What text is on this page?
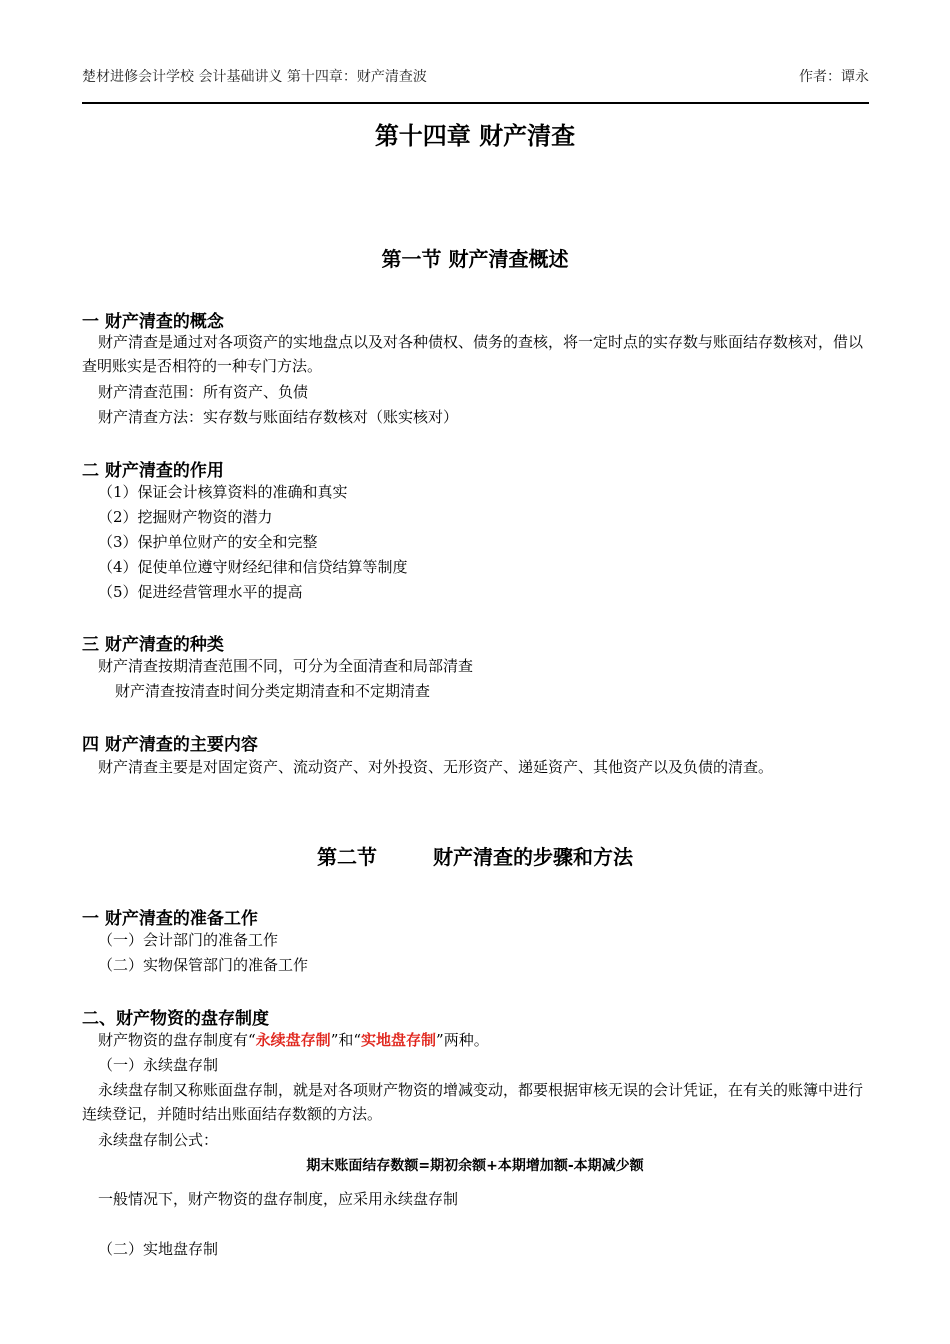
楚材进修会计学校 会计基础讲义 第十四章：财产清查波	作者：谭永
第十四章 财产清查
第一节 财产清查概述
一 财产清查的概念
财产清查是通过对各项资产的实地盘点以及对各种债权、债务的查核，将一定时点的实存数与账面结存数核对，借以查明账实是否相符的一种专门方法。
财产清查范围：所有资产、负债
财产清查方法：实存数与账面结存数核对（账实核对）
二 财产清查的作用
（1）保证会计核算资料的准确和真实
（2）挖掘财产物资的潜力
（3）保护单位财产的安全和完整
（4）促使单位遵守财经纪律和信贷结算等制度
（5）促进经营管理水平的提高
三 财产清查的种类
财产清查按期清查范围不同，可分为全面清查和局部清查
财产清查按清查时间分类定期清查和不定期清查
四 财产清查的主要内容
财产清查主要是对固定资产、流动资产、对外投资、无形资产、递延资产、其他资产以及负债的清查。
第二节	财产清查的步骤和方法
一 财产清查的准备工作
（一）会计部门的准备工作
（二）实物保管部门的准备工作
二、财产物资的盘存制度
财产物资的盘存制度有“永续盘存制”和“实地盘存制”两种。
（一）永续盘存制
永续盘存制又称账面盘存制，就是对各项财产物资的增减变动，都要根据审核无误的会计凭证，在有关的账簿中进行连续登记，并随时结出账面结存数额的方法。
永续盘存制公式：
期末账面结存数额=期初余额+本期增加额-本期减少额
一般情况下，财产物资的盘存制度，应采用永续盘存制
（二）实地盘存制
